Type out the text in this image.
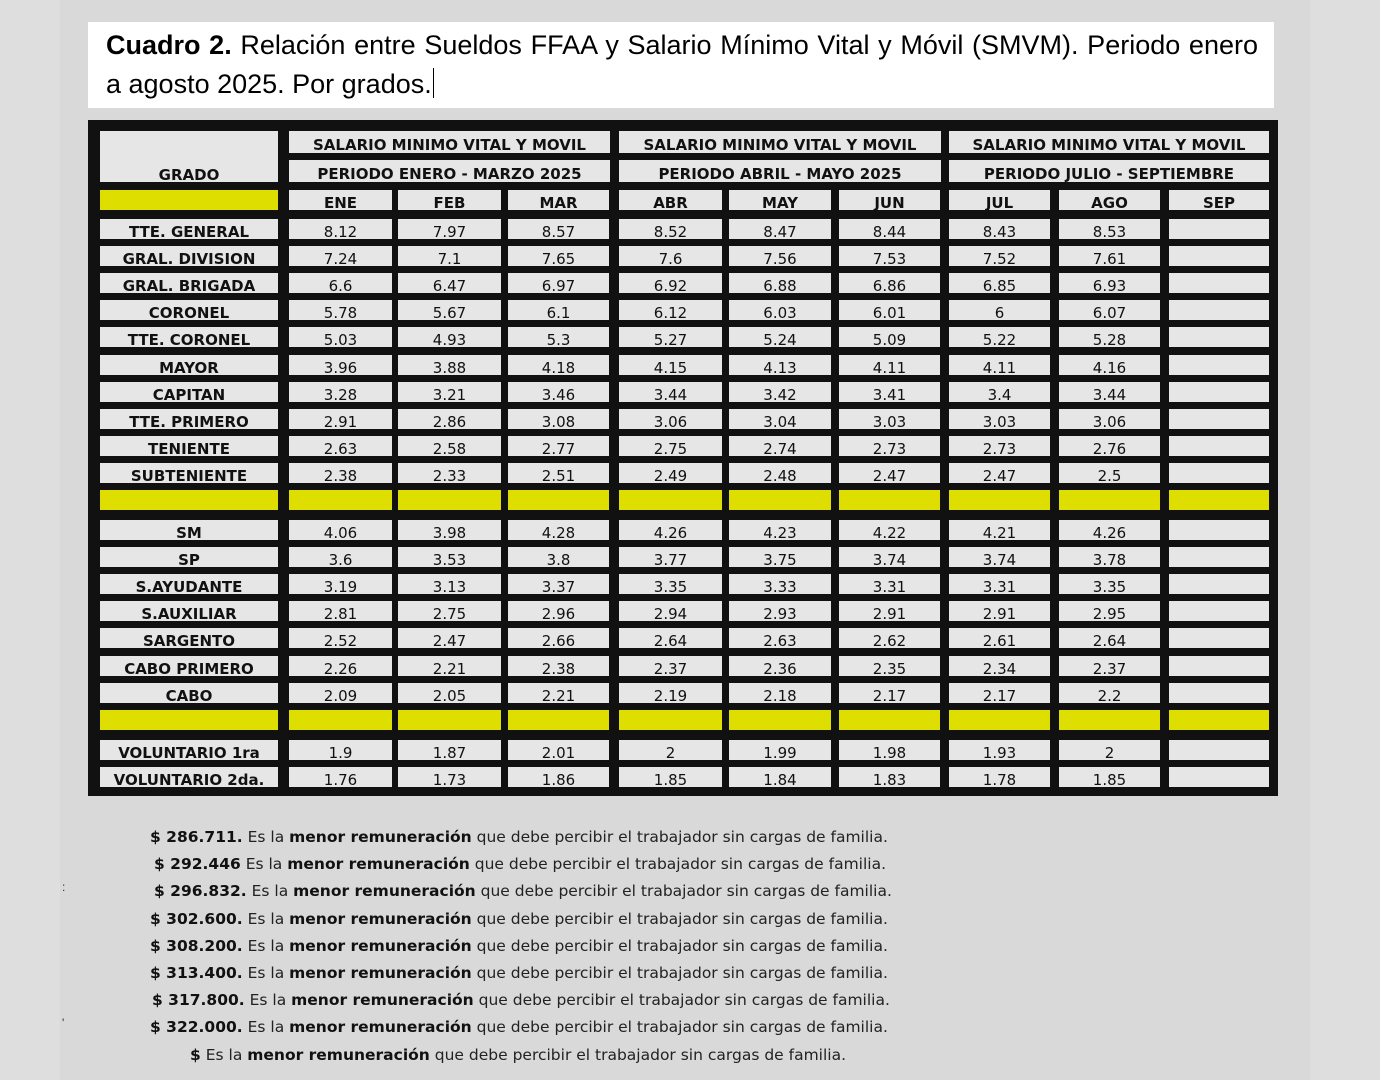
Cuadro 2. Relación entre Sueldos FFAA y Salario Mínimo Vital y Móvil (SMVM). Periodo enero a agosto 2025. Por grados.
GRADO
SALARIO MINIMO VITAL Y MOVIL
PERIODO ENERO - MARZO 2025
SALARIO MINIMO VITAL Y MOVIL
PERIODO ABRIL - MAYO 2025
SALARIO MINIMO VITAL Y MOVIL
PERIODO JULIO - SEPTIEMBRE
ENE	FEB	MAR	ABR	MAY	JUN	JUL	AGO	SEP
TTE. GENERAL	8.12	7.97	8.57	8.52	8.47	8.44	8.43	8.53
GRAL. DIVISION	7.24	7.1	7.65	7.6	7.56	7.53	7.52	7.61
GRAL. BRIGADA	6.6	6.47	6.97	6.92	6.88	6.86	6.85	6.93
CORONEL	5.78	5.67	6.1	6.12	6.03	6.01	6	6.07
TTE. CORONEL	5.03	4.93	5.3	5.27	5.24	5.09	5.22	5.28
MAYOR	3.96	3.88	4.18	4.15	4.13	4.11	4.11	4.16
CAPITAN	3.28	3.21	3.46	3.44	3.42	3.41	3.4	3.44
TTE. PRIMERO	2.91	2.86	3.08	3.06	3.04	3.03	3.03	3.06
TENIENTE	2.63	2.58	2.77	2.75	2.74	2.73	2.73	2.76
SUBTENIENTE	2.38	2.33	2.51	2.49	2.48	2.47	2.47	2.5
SM	4.06	3.98	4.28	4.26	4.23	4.22	4.21	4.26
SP	3.6	3.53	3.8	3.77	3.75	3.74	3.74	3.78
S.AYUDANTE	3.19	3.13	3.37	3.35	3.33	3.31	3.31	3.35
S.AUXILIAR	2.81	2.75	2.96	2.94	2.93	2.91	2.91	2.95
SARGENTO	2.52	2.47	2.66	2.64	2.63	2.62	2.61	2.64
CABO PRIMERO	2.26	2.21	2.38	2.37	2.36	2.35	2.34	2.37
CABO	2.09	2.05	2.21	2.19	2.18	2.17	2.17	2.2
VOLUNTARIO 1ra	1.9	1.87	2.01	2	1.99	1.98	1.93	2
VOLUNTARIO 2da.	1.76	1.73	1.86	1.85	1.84	1.83	1.78	1.85
$ 286.711. Es la menor remuneración que debe percibir el trabajador sin cargas de familia.
$ 292.446 Es la menor remuneración que debe percibir el trabajador sin cargas de familia.
$ 296.832. Es la menor remuneración que debe percibir el trabajador sin cargas de familia.
$ 302.600. Es la menor remuneración que debe percibir el trabajador sin cargas de familia.
$ 308.200. Es la menor remuneración que debe percibir el trabajador sin cargas de familia.
$ 313.400. Es la menor remuneración que debe percibir el trabajador sin cargas de familia.
$ 317.800. Es la menor remuneración que debe percibir el trabajador sin cargas de familia.
$ 322.000. Es la menor remuneración que debe percibir el trabajador sin cargas de familia.
$ Es la menor remuneración que debe percibir el trabajador sin cargas de familia.
:
'
